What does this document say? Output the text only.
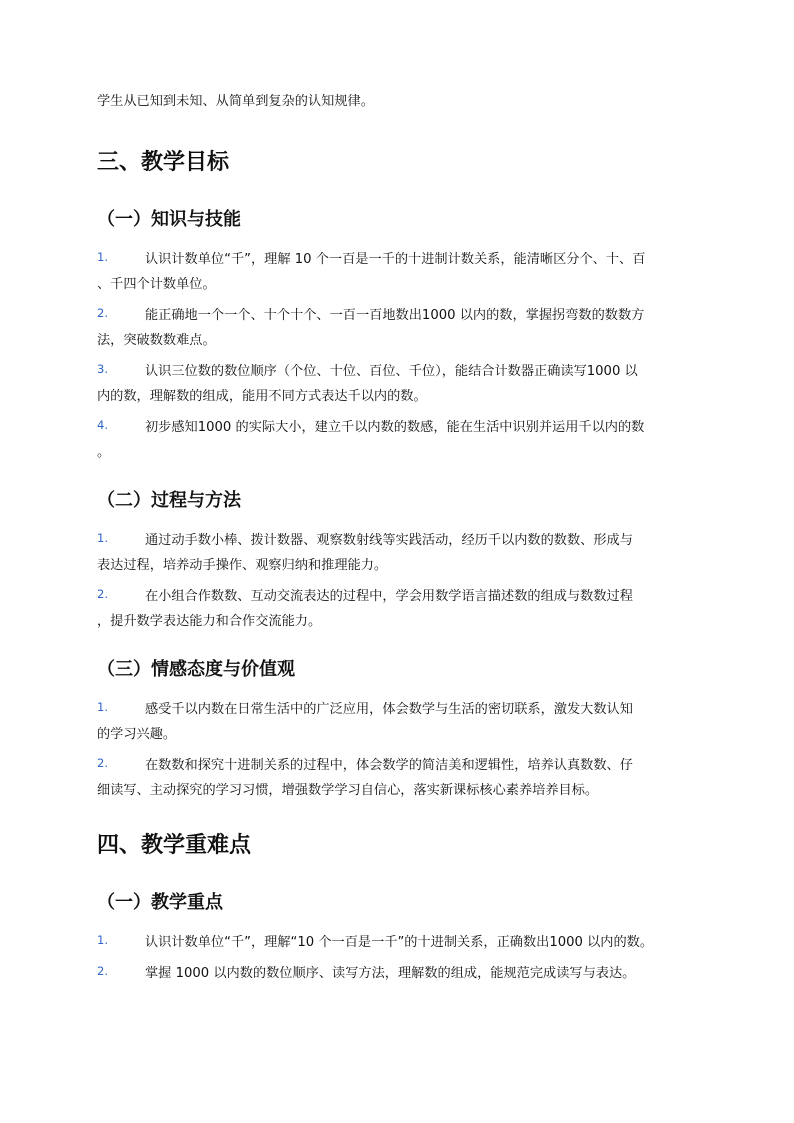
学生从已知到未知、从简单到复杂的认知规律。

三、教学目标
（一）知识与技能
1.	认识计数单位“千”，理解 10 个一百是一千的十进制计数关系，能清晰区分个、十、百
、千四个计数单位。
2.	能正确地一个一个、十个十个、一百一百地数出1000 以内的数，掌握拐弯数的数数方
法，突破数数难点。
3.	认识三位数的数位顺序（个位、十位、百位、千位），能结合计数器正确读写1000 以
内的数，理解数的组成，能用不同方式表达千以内的数。
4.	初步感知1000 的实际大小，建立千以内数的数感，能在生活中识别并运用千以内的数
。
（二）过程与方法
1.	通过动手数小棒、拨计数器、观察数射线等实践活动，经历千以内数的数数、形成与
表达过程，培养动手操作、观察归纳和推理能力。
2.	在小组合作数数、互动交流表达的过程中，学会用数学语言描述数的组成与数数过程
，提升数学表达能力和合作交流能力。
（三）情感态度与价值观
1.	感受千以内数在日常生活中的广泛应用，体会数学与生活的密切联系，激发大数认知
的学习兴趣。
2.	在数数和探究十进制关系的过程中，体会数学的简洁美和逻辑性，培养认真数数、仔
细读写、主动探究的学习习惯，增强数学学习自信心，落实新课标核心素养培养目标。
四、教学重难点
（一）教学重点
1.	认识计数单位“千”，理解“10 个一百是一千”的十进制关系，正确数出1000 以内的数。
2.	掌握 1000 以内数的数位顺序、读写方法，理解数的组成，能规范完成读写与表达。
